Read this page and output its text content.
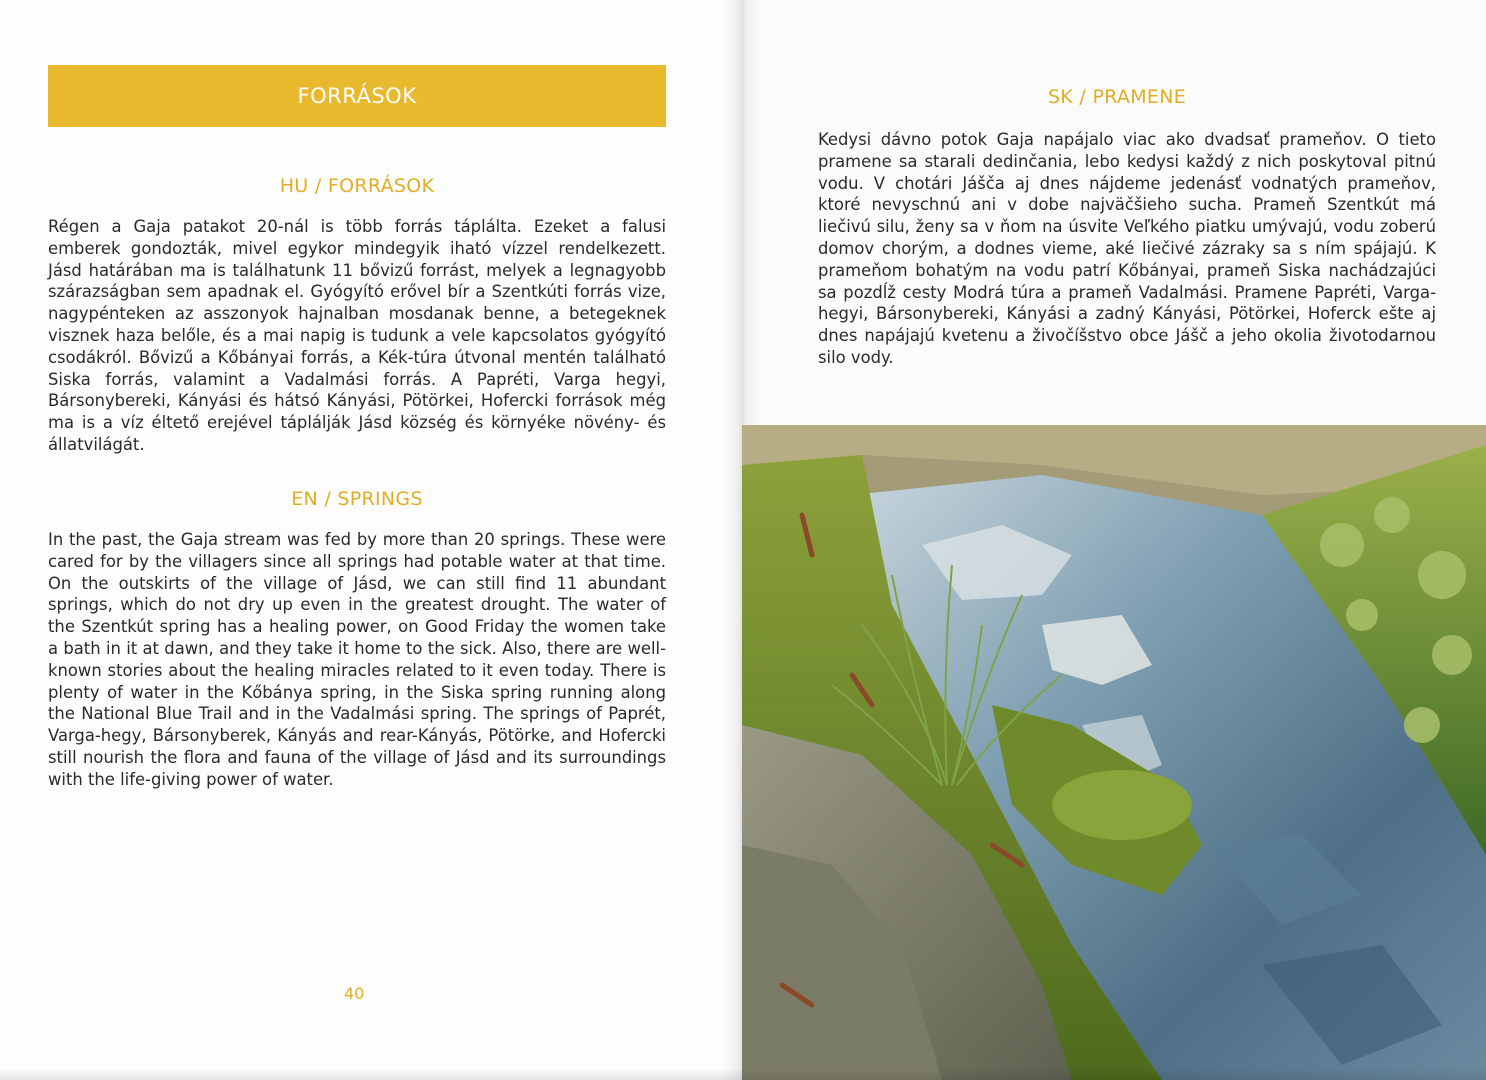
FORRÁSOK
HU / FORRÁSOK
Régen a Gaja patakot 20-nál is több forrás táplálta. Ezeket a falusi emberek gondozták, mivel egykor mindegyik iható vízzel rendelkezett. Jásd határában ma is találhatunk 11 bővizű forrást, melyek a legnagyobb szárazságban sem apadnak el. Gyógyító erővel bír a Szentkúti forrás vize, nagypénteken az asszonyok hajnalban mosdanak benne, a betegeknek visznek haza belőle, és a mai napig is tudunk a vele kapcsolatos gyógyító csodákról. Bővizű a Kőbányai forrás, a Kék-túra útvonal mentén található Siska forrás, valamint a Vadalmási forrás. A Papréti, Varga hegyi, Bársonybereki, Kányási és hátsó Kányási, Pötörkei, Hofercki források még ma is a víz éltető erejével táplálják Jásd község és környéke növény- és állatvilágát.
EN / SPRINGS
In the past, the Gaja stream was fed by more than 20 springs. These were cared for by the villagers since all springs had potable water at that time. On the outskirts of the village of Jásd, we can still find 11 abundant springs, which do not dry up even in the greatest drought. The water of the Szentkút spring has a healing power, on Good Friday the women take a bath in it at dawn, and they take it home to the sick. Also, there are well-known stories about the healing miracles related to it even today. There is plenty of water in the Kőbánya spring, in the Siska spring running along the National Blue Trail and in the Vadalmási spring. The springs of Paprét, Varga-hegy, Bársonyberek, Kányás and rear-Kányás, Pötörke, and Hofercki still nourish the flora and fauna of the village of Jásd and its surroundings with the life-giving power of water.
40
SK / PRAMENE
Kedysi dávno potok Gaja napájalo viac ako dvadsať prameňov. O tieto pramene sa starali dedinčania, lebo kedysi každý z nich poskytoval pitnú vodu. V chotári Jášča aj dnes nájdeme jedenásť vodnatých prameňov, ktoré nevyschnú ani v dobe najväčšieho sucha. Prameň Szentkút má liečivú silu, ženy sa v ňom na úsvite Veľkého piatku umývajú, vodu zoberú domov chorým, a dodnes vieme, aké liečivé zázraky sa s ním spájajú. K prameňom bohatým na vodu patrí Kőbányai, prameň Siska nachádzajúci sa pozdĺž cesty Modrá túra a prameň Vadalmási. Pramene Papréti, Varga-hegyi, Bársonybereki, Kányási a zadný Kányási, Pötörkei, Hoferck ešte aj dnes napájajú kvetenu a živočíšstvo obce Jášč a jeho okolia životodarnou silo vody.
